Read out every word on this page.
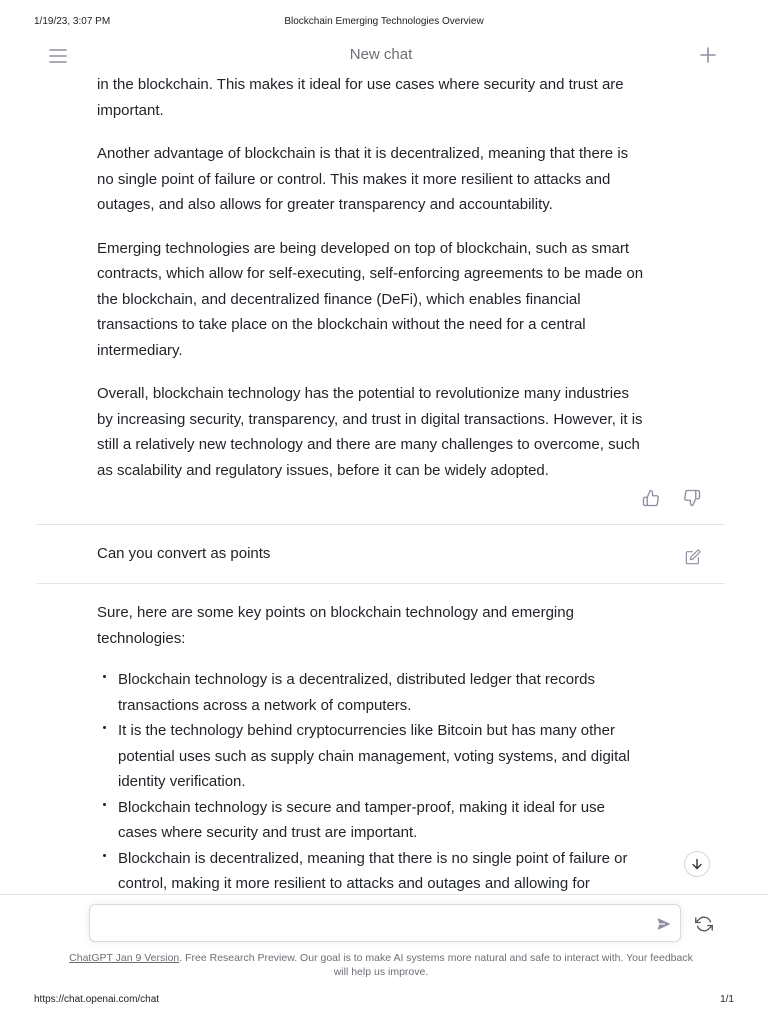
1/19/23, 3:07 PM	Blockchain Emerging Technologies Overview
New chat

in the blockchain. This makes it ideal for use cases where security and trust are important.

Another advantage of blockchain is that it is decentralized, meaning that there is no single point of failure or control. This makes it more resilient to attacks and outages, and also allows for greater transparency and accountability.

Emerging technologies are being developed on top of blockchain, such as smart contracts, which allow for self-executing, self-enforcing agreements to be made on the blockchain, and decentralized finance (DeFi), which enables financial transactions to take place on the blockchain without the need for a central intermediary.

Overall, blockchain technology has the potential to revolutionize many industries by increasing security, transparency, and trust in digital transactions. However, it is still a relatively new technology and there are many challenges to overcome, such as scalability and regulatory issues, before it can be widely adopted.

Can you convert as points

Sure, here are some key points on blockchain technology and emerging technologies:

Blockchain technology is a decentralized, distributed ledger that records transactions across a network of computers.
It is the technology behind cryptocurrencies like Bitcoin but has many other potential uses such as supply chain management, voting systems, and digital identity verification.
Blockchain technology is secure and tamper-proof, making it ideal for use cases where security and trust are important.
Blockchain is decentralized, meaning that there is no single point of failure or control, making it more resilient to attacks and outages and allowing for
ChatGPT Jan 9 Version. Free Research Preview. Our goal is to make AI systems more natural and safe to interact with. Your feedback will help us improve.
https://chat.openai.com/chat	1/1
